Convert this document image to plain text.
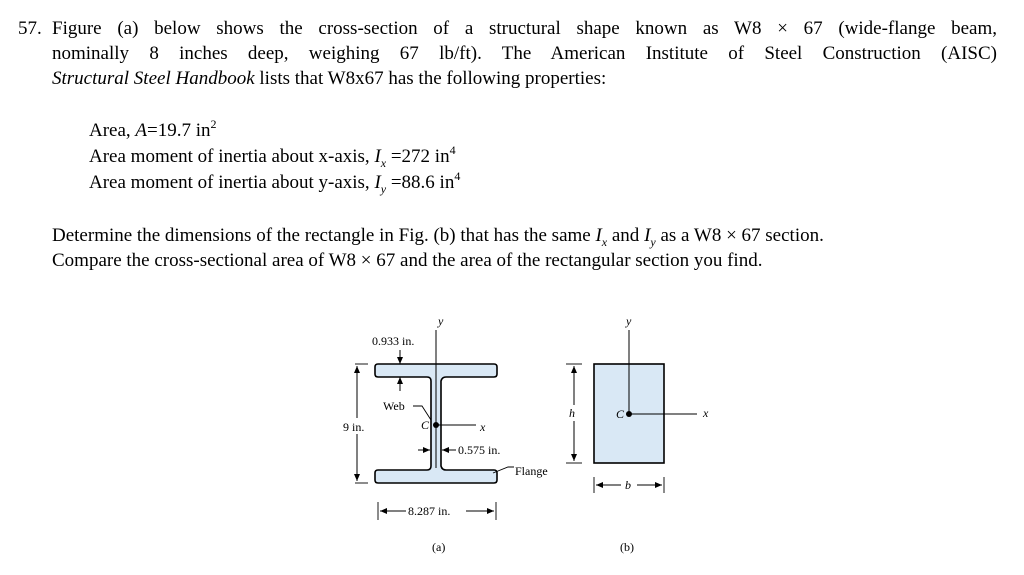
57. Figure (a) below shows the cross-section of a structural shape known as W8 × 67 (wide-flange beam,
nominally 8 inches deep, weighing 67 lb/ft). The American Institute of Steel Construction (AISC)
Structural Steel Handbook lists that W8x67 has the following properties:
Area, A=19.7 $in^2$
Area moment of inertia about x-axis, $I_x =272$ $in^4$
Area moment of inertia about y-axis, $I_y =88.6$ $in^4$
Determine the dimensions of the rectangle in Fig. (b) that has the same $I_x$ and $I_y$ as a W8 × 67 section.
Compare the cross-sectional area of W8 × 67 and the area of the rectangular section you find.
y
x
C
0.933 in.
Web
9 in.
0.575 in.
Flange
8.287 in.
(a)
y
x
C
h
b
(b)
